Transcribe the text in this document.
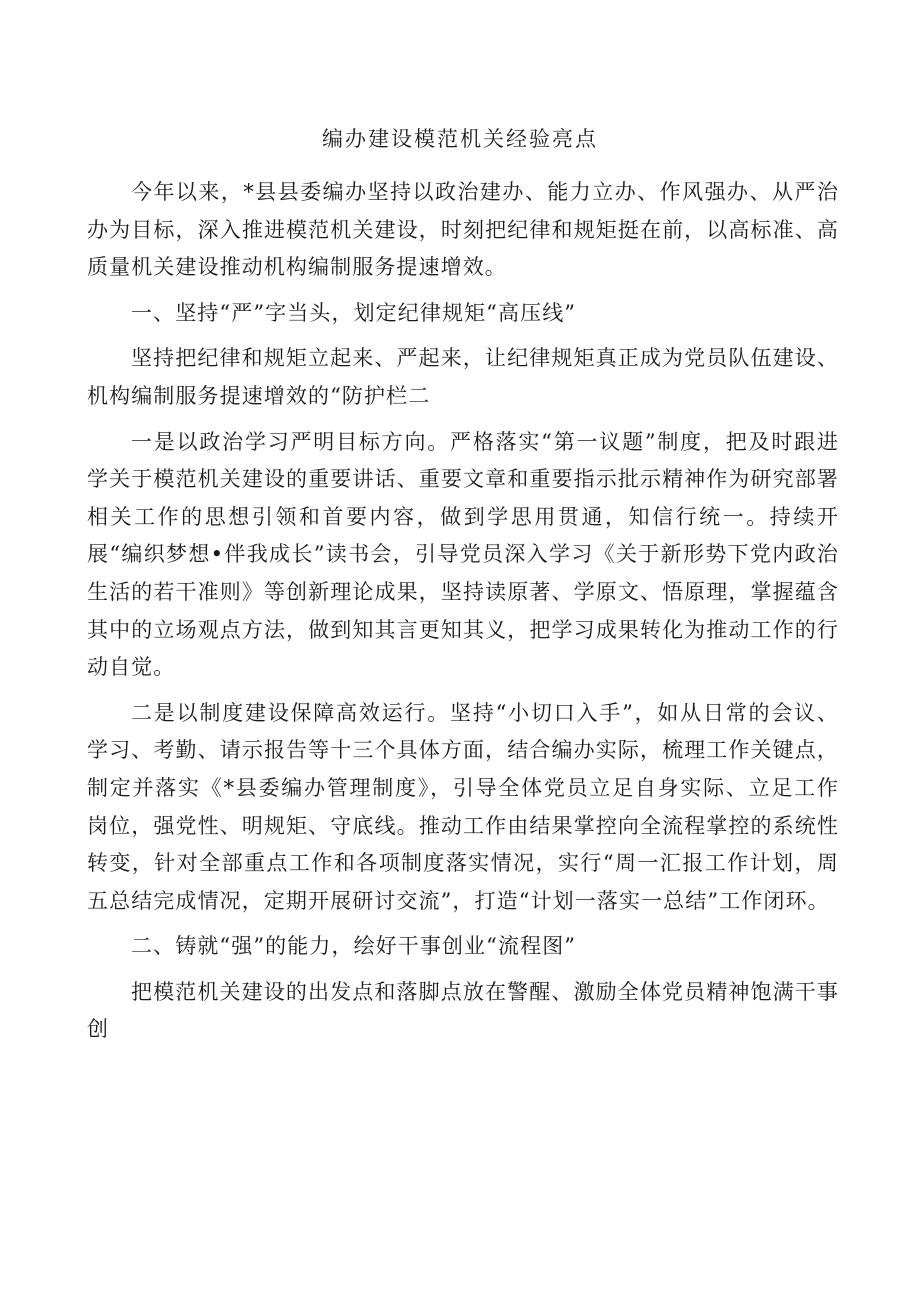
编办建设模范机关经验亮点

今年以来，*县县委编办坚持以政治建办、能力立办、作风强办、从严治办为目标，深入推进模范机关建设，时刻把纪律和规矩挺在前，以高标准、高质量机关建设推动机构编制服务提速增效。

一、坚持“严”字当头，划定纪律规矩“高压线”

坚持把纪律和规矩立起来、严起来，让纪律规矩真正成为党员队伍建设、机构编制服务提速增效的“防护栏二

一是以政治学习严明目标方向。严格落实“第一议题”制度，把及时跟进学关于模范机关建设的重要讲话、重要文章和重要指示批示精神作为研究部署相关工作的思想引领和首要内容，做到学思用贯通，知信行统一。持续开展“编织梦想•伴我成长”读书会，引导党员深入学习《关于新形势下党内政治生活的若干准则》等创新理论成果，坚持读原著、学原文、悟原理，掌握蕴含其中的立场观点方法，做到知其言更知其义，把学习成果转化为推动工作的行动自觉。

二是以制度建设保障高效运行。坚持“小切口入手”，如从日常的会议、学习、考勤、请示报告等十三个具体方面，结合编办实际，梳理工作关键点，制定并落实《*县委编办管理制度》，引导全体党员立足自身实际、立足工作岗位，强党性、明规矩、守底线。推动工作由结果掌控向全流程掌控的系统性转变，针对全部重点工作和各项制度落实情况，实行“周一汇报工作计划，周五总结完成情况，定期开展研讨交流”，打造“计划一落实一总结”工作闭环。

二、铸就“强”的能力，绘好干事创业“流程图”

把模范机关建设的出发点和落脚点放在警醒、激励全体党员精神饱满干事创
